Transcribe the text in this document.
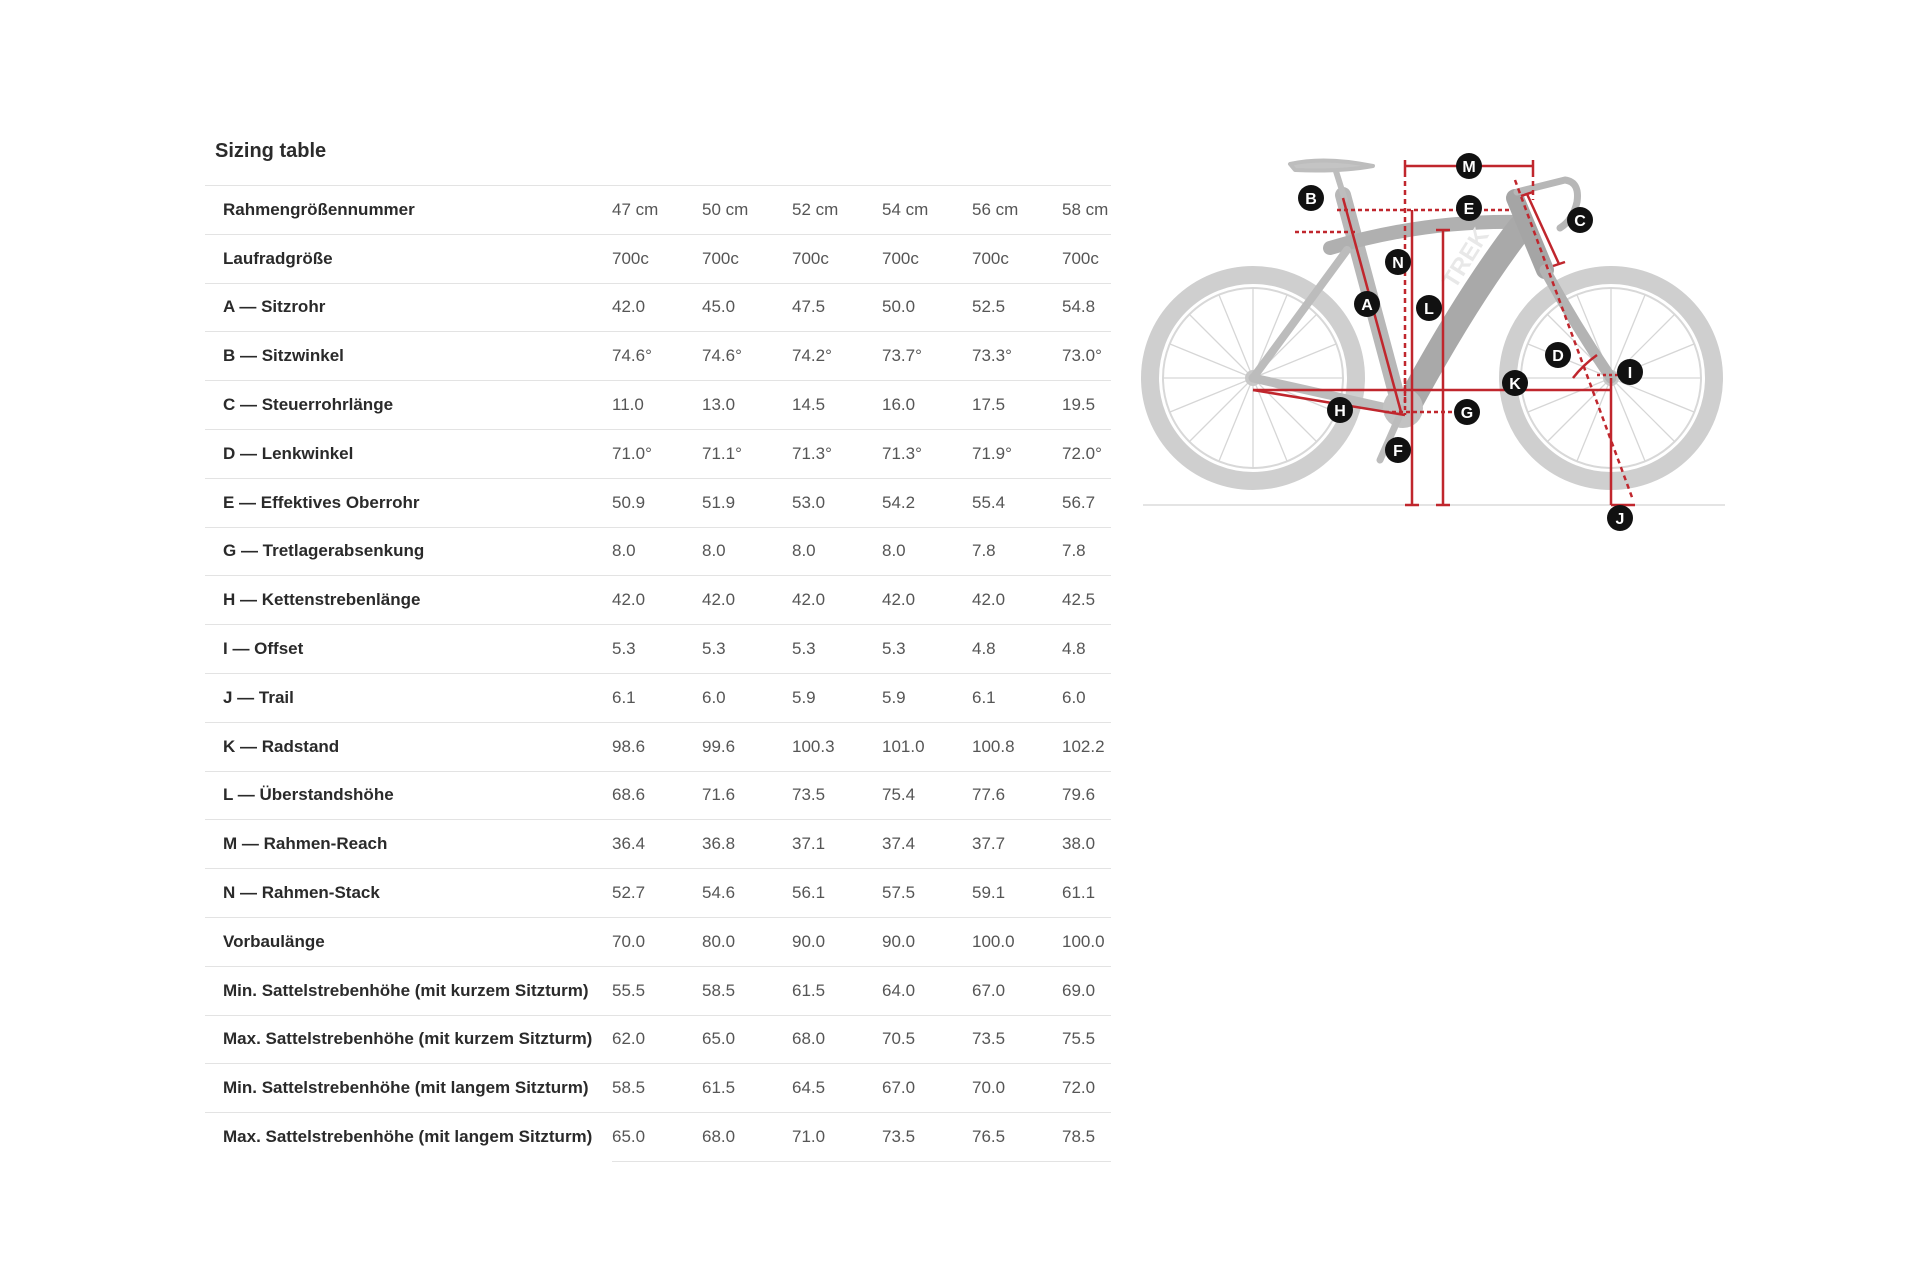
Sizing table
Rahmengrößennummer	47 cm	50 cm	52 cm	54 cm	56 cm	58 cm
Laufradgröße	700c	700c	700c	700c	700c	700c
A — Sitzrohr	42.0	45.0	47.5	50.0	52.5	54.8
B — Sitzwinkel	74.6°	74.6°	74.2°	73.7°	73.3°	73.0°
C — Steuerrohrlänge	11.0	13.0	14.5	16.0	17.5	19.5
D — Lenkwinkel	71.0°	71.1°	71.3°	71.3°	71.9°	72.0°
E — Effektives Oberrohr	50.9	51.9	53.0	54.2	55.4	56.7
G — Tretlagerabsenkung	8.0	8.0	8.0	8.0	7.8	7.8
H — Kettenstrebenlänge	42.0	42.0	42.0	42.0	42.0	42.5
I — Offset	5.3	5.3	5.3	5.3	4.8	4.8
J — Trail	6.1	6.0	5.9	5.9	6.1	6.0
K — Radstand	98.6	99.6	100.3	101.0	100.8	102.2
L — Überstandshöhe	68.6	71.6	73.5	75.4	77.6	79.6
M — Rahmen-Reach	36.4	36.8	37.1	37.4	37.7	38.0
N — Rahmen-Stack	52.7	54.6	56.1	57.5	59.1	61.1
Vorbaulänge	70.0	80.0	90.0	90.0	100.0	100.0
Min. Sattelstrebenhöhe (mit kurzem Sitzturm)	55.5	58.5	61.5	64.0	67.0	69.0
Max. Sattelstrebenhöhe (mit kurzem Sitzturm)	62.0	65.0	68.0	70.5	73.5	75.5
Min. Sattelstrebenhöhe (mit langem Sitzturm)	58.5	61.5	64.5	67.0	70.0	72.0
Max. Sattelstrebenhöhe (mit langem Sitzturm)	65.0	68.0	71.0	73.5	76.5	78.5
TREK
M
E
B
C
N
A	L
D
I
K
H	G
F
J
